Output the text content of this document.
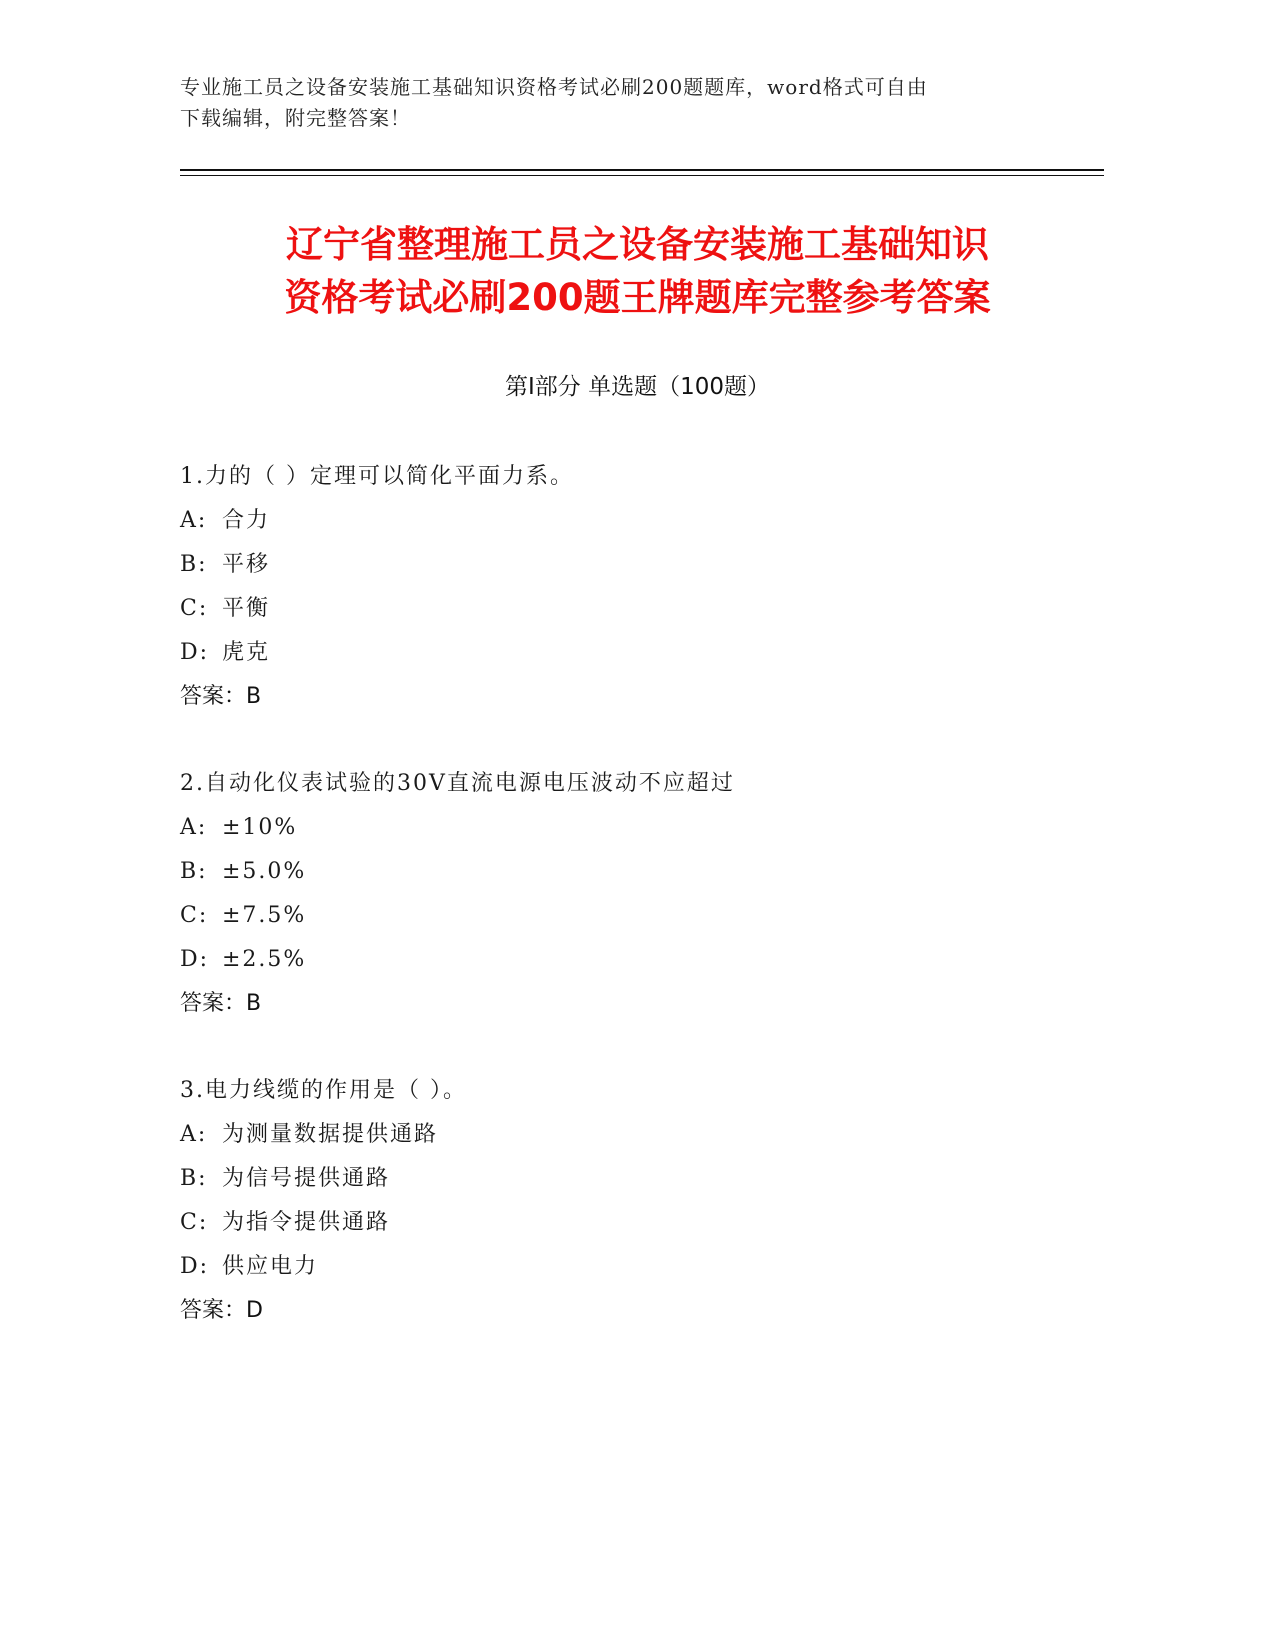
专业施工员之设备安装施工基础知识资格考试必刷200题题库，word格式可自由
下载编辑，附完整答案！
辽宁省整理施工员之设备安装施工基础知识
资格考试必刷200题王牌题库完整参考答案
第Ⅰ部分 单选题（100题）
1.力的（ ）定理可以简化平面力系。
A: 合力
B: 平移
C: 平衡
D: 虎克
答案：B
2.自动化仪表试验的30V直流电源电压波动不应超过
A: ±10%
B: ±5.0%
C: ±7.5%
D: ±2.5%
答案：B
3.电力线缆的作用是（ ）。
A: 为测量数据提供通路
B: 为信号提供通路
C: 为指令提供通路
D: 供应电力
答案：D
